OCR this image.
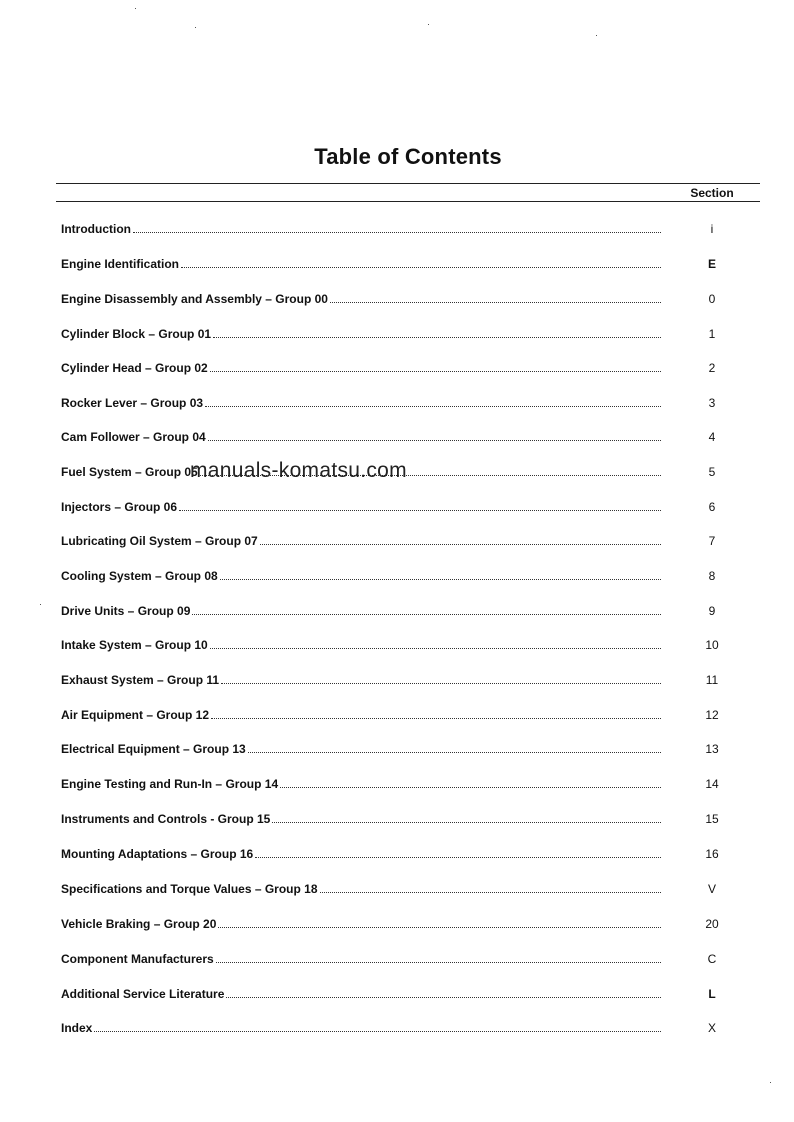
Table of Contents
Section
Introduction	i
Engine Identification	E
Engine Disassembly and Assembly – Group 00	0
Cylinder Block – Group 01	1
Cylinder Head – Group 02	2
Rocker Lever – Group 03	3
Cam Follower – Group 04	4
Fuel System – Group 05	5
Injectors – Group 06	6
Lubricating Oil System – Group 07	7
Cooling System – Group 08	8
Drive Units – Group 09	9
Intake System – Group 10	10
Exhaust System – Group 11	11
Air Equipment – Group 12	12
Electrical Equipment – Group 13	13
Engine Testing and Run-In – Group 14	14
Instruments and Controls - Group 15	15
Mounting Adaptations – Group 16	16
Specifications and Torque Values – Group 18	V
Vehicle Braking – Group 20	20
Component Manufacturers	C
Additional Service Literature	L
Index	X
manuals-komatsu.com
